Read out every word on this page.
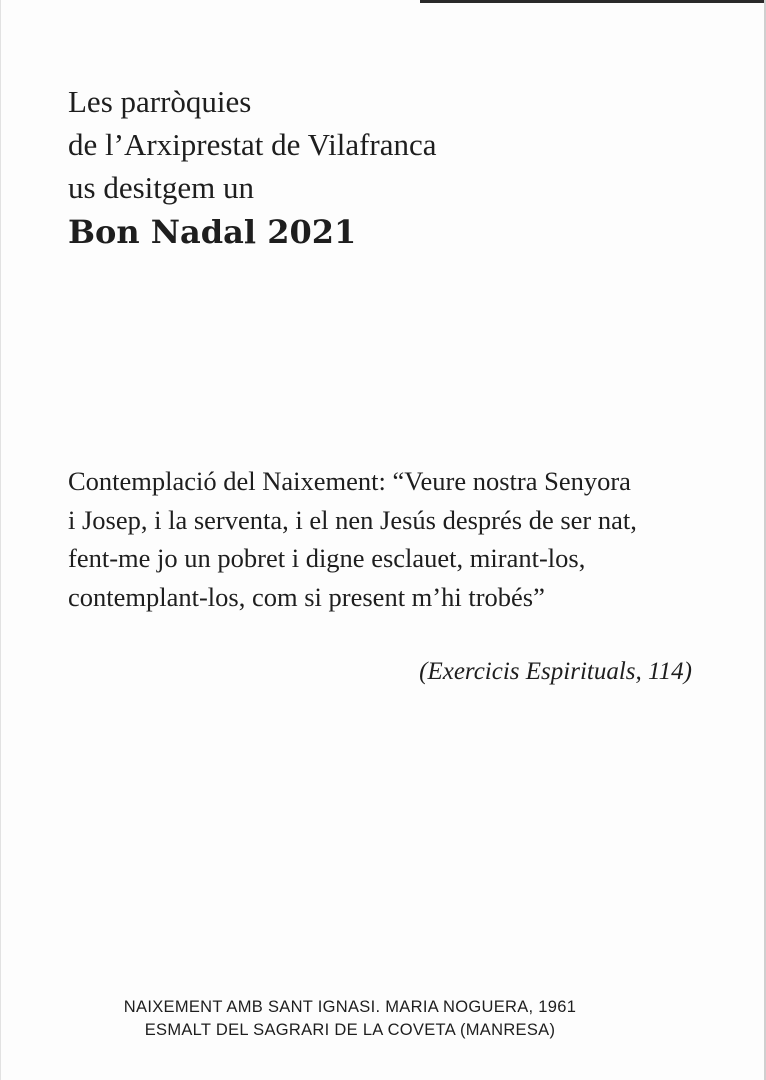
Les parròquies
de l’Arxiprestat de Vilafranca
us desitgem un
Bon Nadal 2021
Contemplació del Naixement: “Veure nostra Senyora
i Josep, i la serventa, i el nen Jesús després de ser nat,
fent-me jo un pobret i digne esclauet, mirant-los,
contemplant-los, com si present m’hi trobés”
(Exercicis Espirituals, 114)
NAIXEMENT AMB SANT IGNASI. MARIA NOGUERA, 1961
ESMALT DEL SAGRARI DE LA COVETA (MANRESA)
